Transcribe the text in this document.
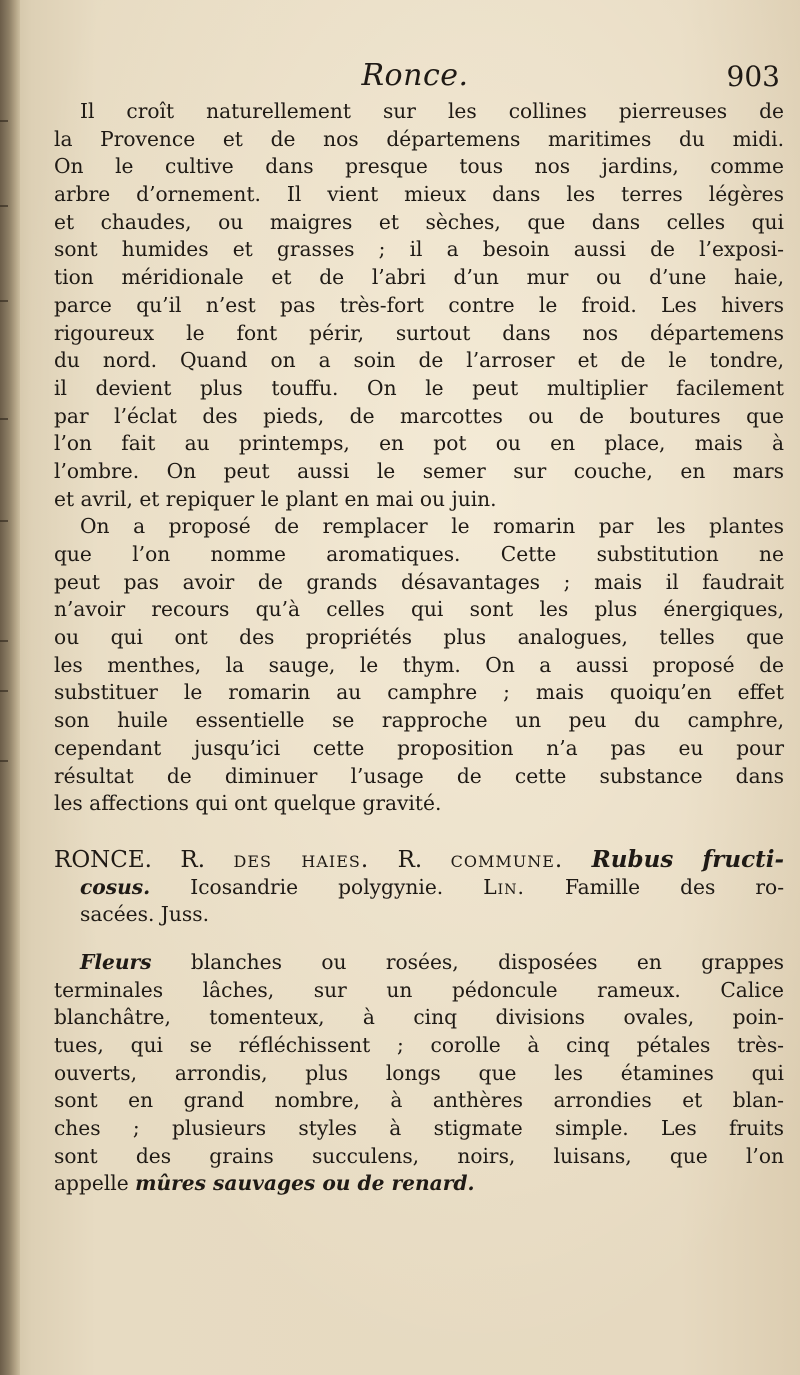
Ronce.	903
Il croît naturellement sur les collines pierreuses de
la Provence et de nos départemens maritimes du midi.
On le cultive dans presque tous nos jardins, comme
arbre d’ornement. Il vient mieux dans les terres légères
et chaudes, ou maigres et sèches, que dans celles qui
sont humides et grasses ; il a besoin aussi de l’exposi-
tion méridionale et de l’abri d’un mur ou d’une haie,
parce qu’il n’est pas très-fort contre le froid. Les hivers
rigoureux le font périr, surtout dans nos départemens
du nord. Quand on a soin de l’arroser et de le tondre,
il devient plus touffu. On le peut multiplier facilement
par l’éclat des pieds, de marcottes ou de boutures que
l’on fait au printemps, en pot ou en place, mais à
l’ombre. On peut aussi le semer sur couche, en mars
et avril, et repiquer le plant en mai ou juin.
On a proposé de remplacer le romarin par les plantes
que l’on nomme aromatiques. Cette substitution ne
peut pas avoir de grands désavantages ; mais il faudrait
n’avoir recours qu’à celles qui sont les plus énergiques,
ou qui ont des propriétés plus analogues, telles que
les menthes, la sauge, le thym. On a aussi proposé de
substituer le romarin au camphre ; mais quoiqu’en effet
son huile essentielle se rapproche un peu du camphre,
cependant jusqu’ici cette proposition n’a pas eu pour
résultat de diminuer l’usage de cette substance dans
les affections qui ont quelque gravité.
RONCE. R. des haies. R. commune. Rubus fructi-
cosus. Icosandrie polygynie. Lin. Famille des ro-
sacées. Juss.
Fleurs blanches ou rosées, disposées en grappes
terminales lâches, sur un pédoncule rameux. Calice
blanchâtre, tomenteux, à cinq divisions ovales, poin-
tues, qui se réfléchissent ; corolle à cinq pétales très-
ouverts, arrondis, plus longs que les étamines qui
sont en grand nombre, à anthères arrondies et blan-
ches ; plusieurs styles à stigmate simple. Les fruits
sont des grains succulens, noirs, luisans, que l’on
appelle mûres sauvages ou de renard.
